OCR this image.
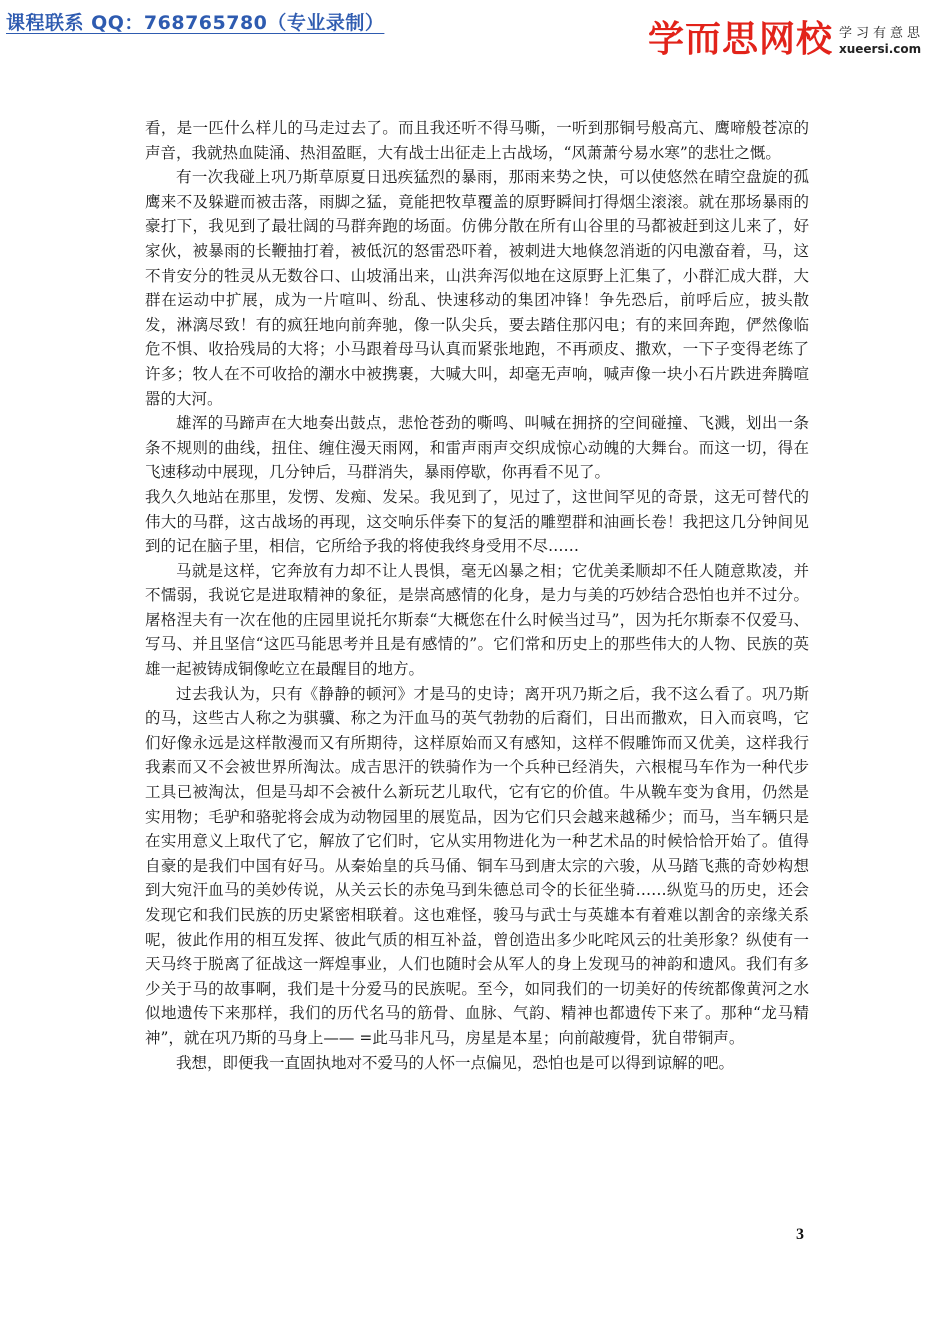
课程联系 QQ：768765780（专业录制）	学而思网校 学习有意思
xueersi.com

看，是一匹什么样儿的马走过去了。而且我还听不得马嘶，一听到那铜号般高亢、鹰啼般苍凉的声音，我就热血陡涌、热泪盈眶，大有战士出征走上古战场，“风萧萧兮易水寒”的悲壮之慨。

有一次我碰上巩乃斯草原夏日迅疾猛烈的暴雨，那雨来势之快，可以使悠然在晴空盘旋的孤鹰来不及躲避而被击落，雨脚之猛，竟能把牧草覆盖的原野瞬间打得烟尘滚滚。就在那场暴雨的豪打下，我见到了最壮阔的马群奔跑的场面。仿佛分散在所有山谷里的马都被赶到这儿来了，好家伙，被暴雨的长鞭抽打着，被低沉的怒雷恐吓着，被刺进大地倏忽消逝的闪电激奋着，马，这不肯安分的牲灵从无数谷口、山坡涌出来，山洪奔泻似地在这原野上汇集了，小群汇成大群，大群在运动中扩展，成为一片喧叫、纷乱、快速移动的集团冲锋！争先恐后，前呼后应，披头散发，淋漓尽致！有的疯狂地向前奔驰，像一队尖兵，要去踏住那闪电；有的来回奔跑，俨然像临危不惧、收拾残局的大将；小马跟着母马认真而紧张地跑，不再顽皮、撒欢，一下子变得老练了许多；牧人在不可收拾的潮水中被携裹，大喊大叫，却毫无声响，喊声像一块小石片跌进奔腾喧嚣的大河。

雄浑的马蹄声在大地奏出鼓点，悲怆苍劲的嘶鸣、叫喊在拥挤的空间碰撞、飞溅，划出一条条不规则的曲线，扭住、缠住漫天雨网，和雷声雨声交织成惊心动魄的大舞台。而这一切，得在飞速移动中展现，几分钟后，马群消失，暴雨停歇，你再看不见了。

我久久地站在那里，发愣、发痴、发呆。我见到了，见过了，这世间罕见的奇景，这无可替代的伟大的马群，这古战场的再现，这交响乐伴奏下的复活的雕塑群和油画长卷！我把这几分钟间见到的记在脑子里，相信，它所给予我的将使我终身受用不尽……

马就是这样，它奔放有力却不让人畏惧，毫无凶暴之相；它优美柔顺却不任人随意欺凌，并不懦弱，我说它是进取精神的象征，是崇高感情的化身，是力与美的巧妙结合恐怕也并不过分。屠格涅夫有一次在他的庄园里说托尔斯泰“大概您在什么时候当过马”，因为托尔斯泰不仅爱马、写马、并且坚信“这匹马能思考并且是有感情的”。它们常和历史上的那些伟大的人物、民族的英雄一起被铸成铜像屹立在最醒目的地方。

过去我认为，只有《静静的顿河》才是马的史诗；离开巩乃斯之后，我不这么看了。巩乃斯的马，这些古人称之为骐骥、称之为汗血马的英气勃勃的后裔们，日出而撒欢，日入而哀鸣，它们好像永远是这样散漫而又有所期待，这样原始而又有感知，这样不假雕饰而又优美，这样我行我素而又不会被世界所淘汰。成吉思汗的铁骑作为一个兵种已经消失，六根棍马车作为一种代步工具已被淘汰，但是马却不会被什么新玩艺儿取代，它有它的价值。牛从鞔车变为食用，仍然是实用物；毛驴和骆驼将会成为动物园里的展览品，因为它们只会越来越稀少；而马，当车辆只是在实用意义上取代了它，解放了它们时，它从实用物进化为一种艺术品的时候恰恰开始了。值得自豪的是我们中国有好马。从秦始皇的兵马俑、铜车马到唐太宗的六骏，从马踏飞燕的奇妙构想到大宛汗血马的美妙传说，从关云长的赤兔马到朱德总司令的长征坐骑……纵览马的历史，还会发现它和我们民族的历史紧密相联着。这也难怪，骏马与武士与英雄本有着难以割舍的亲缘关系呢，彼此作用的相互发挥、彼此气质的相互补益，曾创造出多少叱咤风云的壮美形象？纵使有一天马终于脱离了征战这一辉煌事业，人们也随时会从军人的身上发现马的神韵和遗风。我们有多少关于马的故事啊，我们是十分爱马的民族呢。至今，如同我们的一切美好的传统都像黄河之水似地遗传下来那样，我们的历代名马的筋骨、血脉、气韵、精神也都遗传下来了。那种“龙马精神”，就在巩乃斯的马身上—— =此马非凡马，房星是本星；向前敲瘦骨，犹自带铜声。

我想，即便我一直固执地对不爱马的人怀一点偏见，恐怕也是可以得到谅解的吧。

3
